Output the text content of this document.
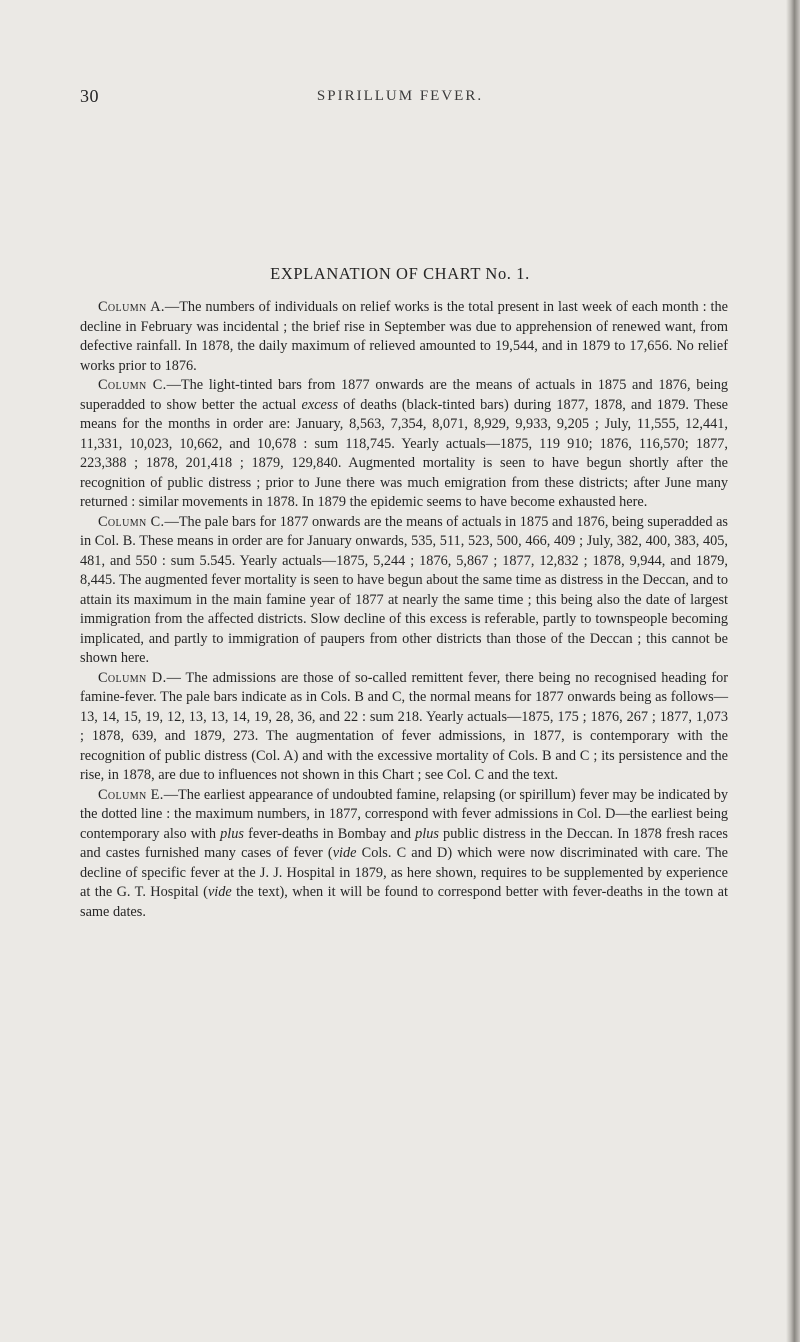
30	SPIRILLUM FEVER.
EXPLANATION OF CHART No. 1.

Column A.—The numbers of individuals on relief works is the total present in last week of each month : the decline in February was incidental ; the brief rise in September was due to apprehension of renewed want, from defective rainfall. In 1878, the daily maximum of relieved amounted to 19,544, and in 1879 to 17,656. No relief works prior to 1876.

Column C.—The light-tinted bars from 1877 onwards are the means of actuals in 1875 and 1876, being superadded to show better the actual excess of deaths (black-tinted bars) during 1877, 1878, and 1879. These means for the months in order are: January, 8,563, 7,354, 8,071, 8,929, 9,933, 9,205 ; July, 11,555, 12,441, 11,331, 10,023, 10,662, and 10,678 : sum 118,745. Yearly actuals—1875, 119 910; 1876, 116,570; 1877, 223,388 ; 1878, 201,418 ; 1879, 129,840. Augmented mortality is seen to have begun shortly after the recognition of public distress ; prior to June there was much emigration from these districts; after June many returned : similar movements in 1878. In 1879 the epidemic seems to have become exhausted here.

Column C.—The pale bars for 1877 onwards are the means of actuals in 1875 and 1876, being superadded as in Col. B. These means in order are for January onwards, 535, 511, 523, 500, 466, 409 ; July, 382, 400, 383, 405, 481, and 550 : sum 5.545. Yearly actuals—1875, 5,244 ; 1876, 5,867 ; 1877, 12,832 ; 1878, 9,944, and 1879, 8,445. The augmented fever mortality is seen to have begun about the same time as distress in the Deccan, and to attain its maximum in the main famine year of 1877 at nearly the same time ; this being also the date of largest immigration from the affected districts. Slow decline of this excess is referable, partly to townspeople becoming implicated, and partly to immigration of paupers from other districts than those of the Deccan ; this cannot be shown here.

Column D.— The admissions are those of so-called remittent fever, there being no recognised heading for famine-fever. The pale bars indicate as in Cols. B and C, the normal means for 1877 onwards being as follows—13, 14, 15, 19, 12, 13, 13, 14, 19, 28, 36, and 22 : sum 218. Yearly actuals—1875, 175 ; 1876, 267 ; 1877, 1,073 ; 1878, 639, and 1879, 273. The augmentation of fever admissions, in 1877, is contemporary with the recognition of public distress (Col. A) and with the excessive mortality of Cols. B and C ; its persistence and the rise, in 1878, are due to influences not shown in this Chart ; see Col. C and the text.

Column E.—The earliest appearance of undoubted famine, relapsing (or spirillum) fever may be indicated by the dotted line : the maximum numbers, in 1877, correspond with fever admissions in Col. D—the earliest being contemporary also with plus fever-deaths in Bombay and plus public distress in the Deccan. In 1878 fresh races and castes furnished many cases of fever (vide Cols. C and D) which were now discriminated with care. The decline of specific fever at the J. J. Hospital in 1879, as here shown, requires to be supplemented by experience at the G. T. Hospital (vide the text), when it will be found to correspond better with fever-deaths in the town at same dates.
